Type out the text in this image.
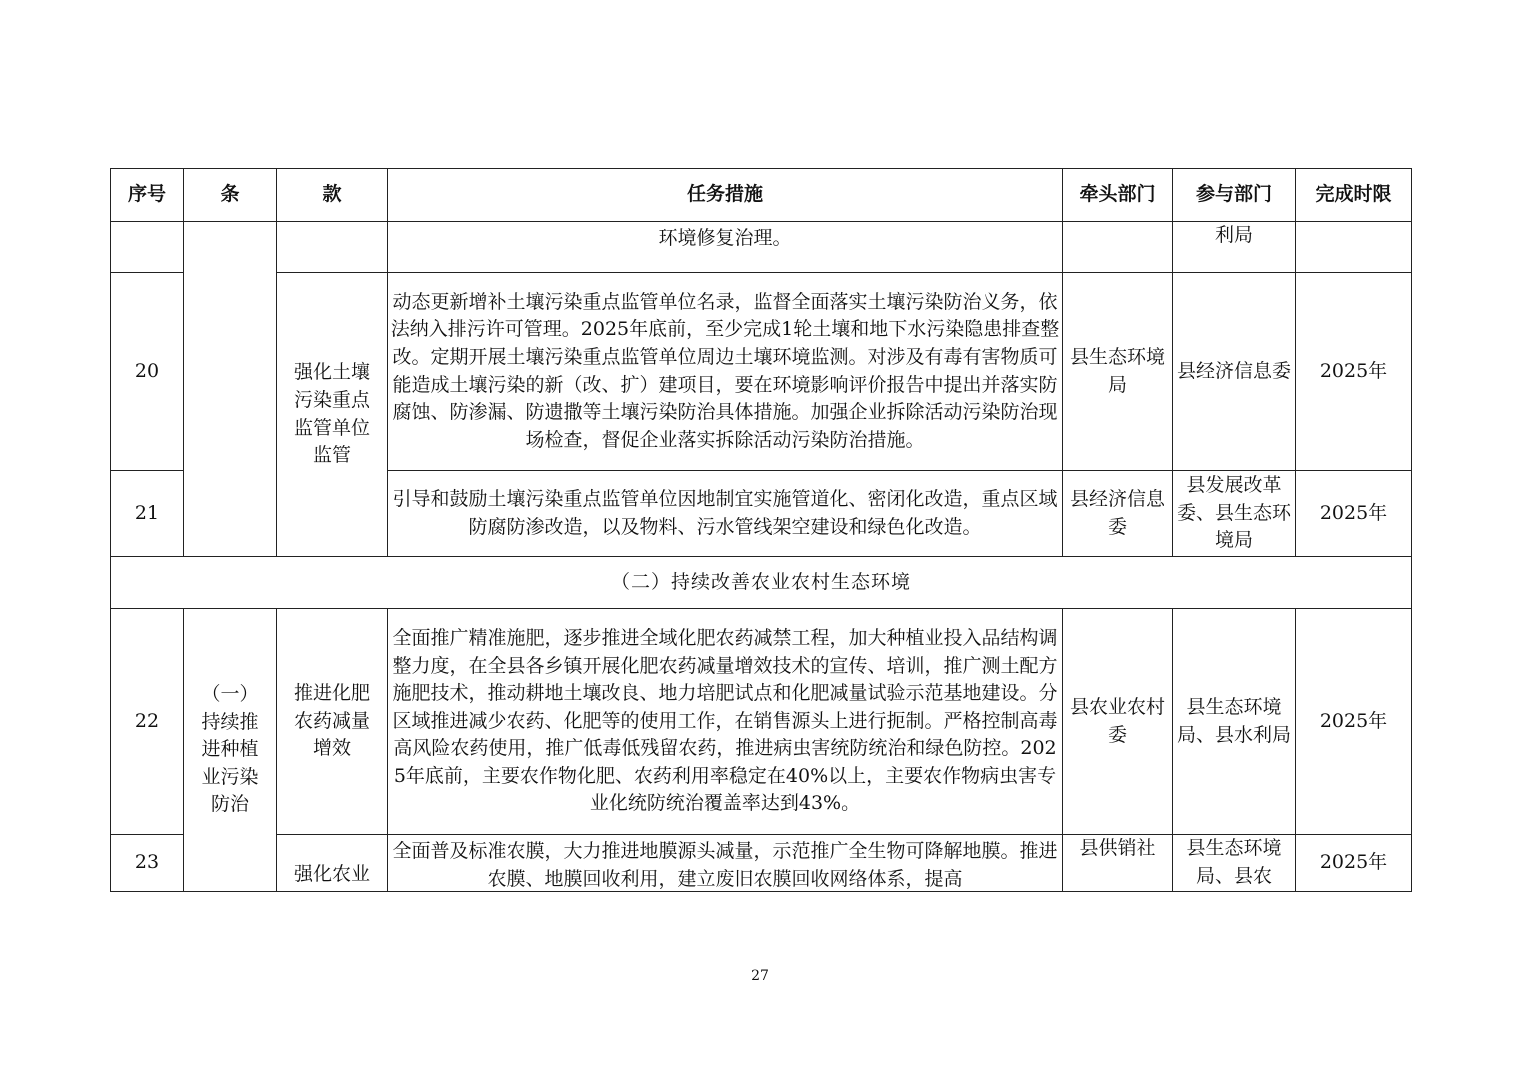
序号	条	款	任务措施	牵头部门	参与部门	完成时限
			环境修复治理。		利局	
20		强化土壤污染重点监管单位监管	动态更新增补土壤污染重点监管单位名录，监督全面落实土壤污染防治义务，依法纳入排污许可管理。2025年底前，至少完成1轮土壤和地下水污染隐患排查整改。定期开展土壤污染重点监管单位周边土壤环境监测。对涉及有毒有害物质可能造成土壤污染的新（改、扩）建项目，要在环境影响评价报告中提出并落实防腐蚀、防渗漏、防遗撒等土壤污染防治具体措施。加强企业拆除活动污染防治现场检查，督促企业落实拆除活动污染防治措施。	县生态环境局	县经济信息委	2025年
21			引导和鼓励土壤污染重点监管单位因地制宜实施管道化、密闭化改造，重点区域防腐防渗改造，以及物料、污水管线架空建设和绿色化改造。	县经济信息委	县发展改革委、县生态环境局	2025年
（二）持续改善农业农村生态环境						
22	（一）持续推进种植业污染防治	推进化肥农药减量增效	全面推广精准施肥，逐步推进全域化肥农药减禁工程，加大种植业投入品结构调整力度，在全县各乡镇开展化肥农药减量增效技术的宣传、培训，推广测土配方施肥技术，推动耕地土壤改良、地力培肥试点和化肥减量试验示范基地建设。分区域推进减少农药、化肥等的使用工作，在销售源头上进行扼制。严格控制高毒高风险农药使用，推广低毒低残留农药，推进病虫害统防统治和绿色防控。2025年底前，主要农作物化肥、农药利用率稳定在40%以上，主要农作物病虫害专业化统防统治覆盖率达到43%。	县农业农村委	县生态环境局、县水利局	2025年
23		强化农业	全面普及标准农膜，大力推进地膜源头减量，示范推广全生物可降解地膜。推进农膜、地膜回收利用，建立废旧农膜回收网络体系，提高	县供销社	县生态环境局、县农	2025年
27
